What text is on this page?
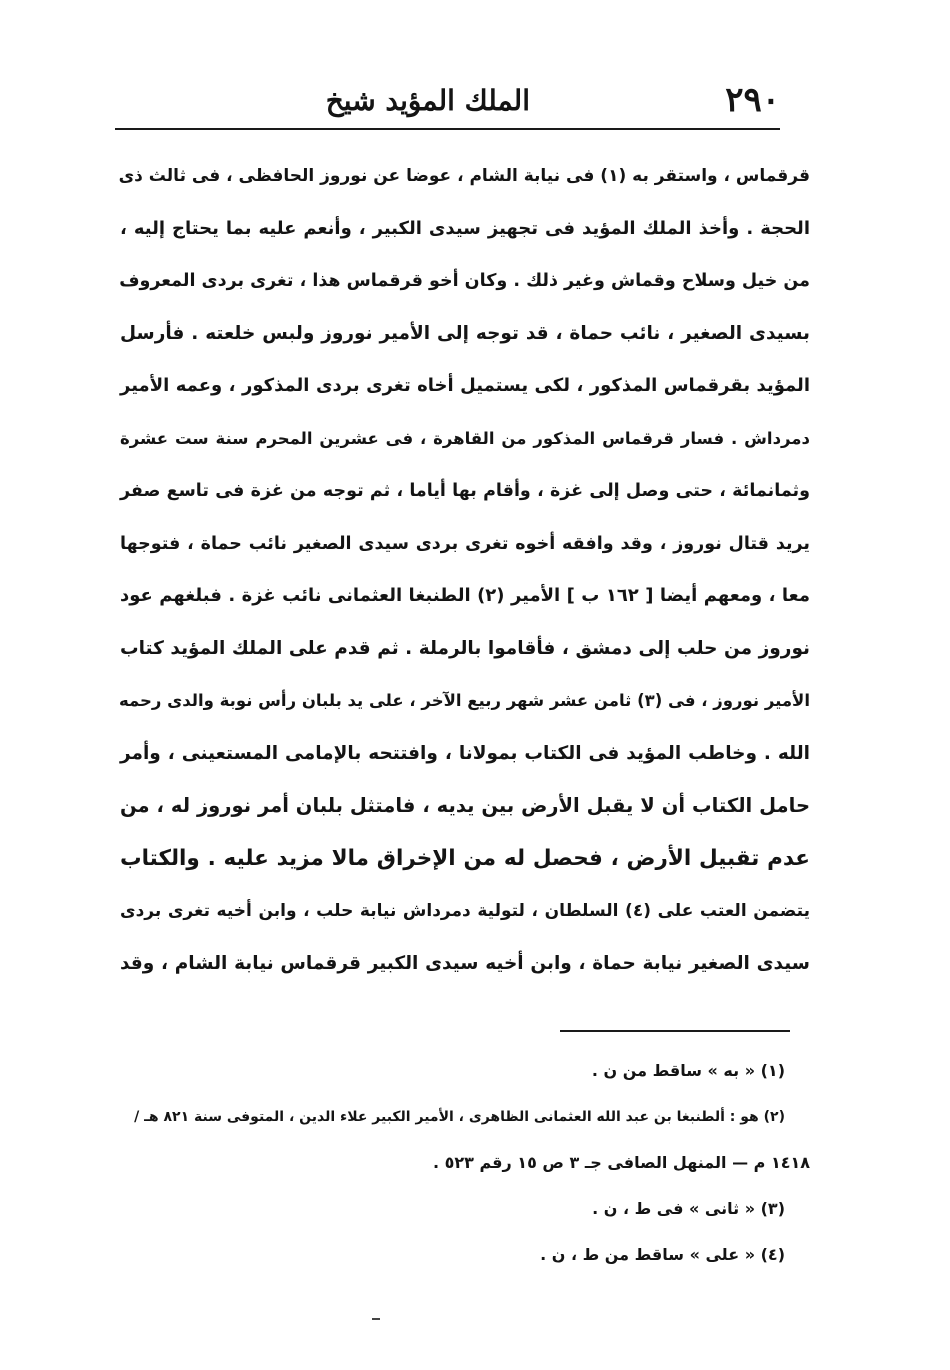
٢٩٠
الملك المؤيد شيخ
قرقماس ، واستقر به (١) فى نيابة الشام ، عوضا عن نوروز الحافظى ، فى ثالث ذى
الحجة . وأخذ الملك المؤيد فى تجهيز سيدى الكبير ، وأنعم عليه بما يحتاج إليه ،
من خيل وسلاح وقماش وغير ذلك . وكان أخو قرقماس هذا ، تغرى بردى المعروف
بسيدى الصغير ، نائب حماة ، قد توجه إلى الأمير نوروز ولبس خلعته . فأرسل
المؤيد بقرقماس المذكور ، لكى يستميل أخاه تغرى بردى المذكور ، وعمه الأمير
دمرداش . فسار قرقماس المذكور من القاهرة ، فى عشرين المحرم سنة ست عشرة
وثمانمائة ، حتى وصل إلى غزة ، وأقام بها أياما ، ثم توجه من غزة فى تاسع صفر
يريد قتال نوروز ، وقد وافقه أخوه تغرى بردى سيدى الصغير نائب حماة ، فتوجها
معا ، ومعهم أيضا [ ١٦٢ ب ] الأمير (٢) الطنبغا العثمانى نائب غزة . فبلغهم عود
نوروز من حلب إلى دمشق ، فأقاموا بالرملة . ثم قدم على الملك المؤيد كتاب
الأمير نوروز ، فى (٣) ثامن عشر شهر ربيع الآخر ، على يد بلبان رأس نوبة والدى رحمه
الله . وخاطب المؤيد فى الكتاب بمولانا ، وافتتحه بالإمامى المستعينى ، وأمر
حامل الكتاب أن لا يقبل الأرض بين يديه ، فامتثل بلبان أمر نوروز له ، من
عدم تقبيل الأرض ، فحصل له من الإخراق مالا مزيد عليه . والكتاب
يتضمن العتب على (٤) السلطان ، لتولية دمرداش نيابة حلب ، وابن أخيه تغرى بردى
سيدى الصغير نيابة حماة ، وابن أخيه سيدى الكبير قرقماس نيابة الشام ، وقد
(١) « به » ساقط من ن .
(٢) هو : ألطنبغا بن عبد الله العثمانى الظاهرى ، الأمير الكبير علاء الدين ، المتوفى سنة ٨٢١ هـ /
١٤١٨ م — المنهل الصافى جـ ٣ ص ١٥ رقم ٥٢٣ .
(٣) « ثانى » فى ط ، ن .
(٤) « على » ساقط من ط ، ن .
